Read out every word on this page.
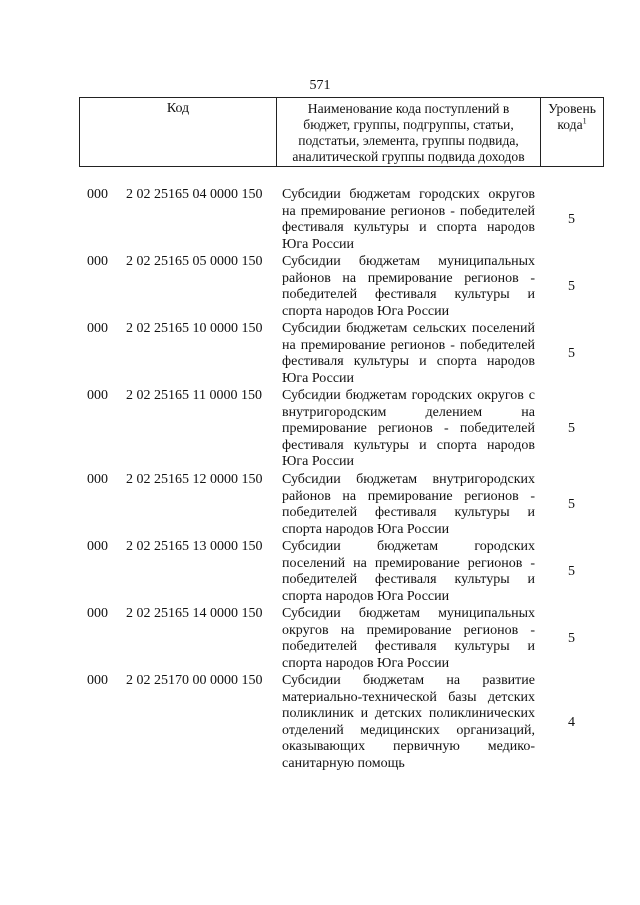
571
Код	Наименование кода поступлений в бюджет, группы, подгруппы, статьи, подстатьи, элемента, группы подвида, аналитической группы подвида доходов
Уровень кода$^1$
000 2 02 25165 04 0000 150 Субсидии бюджетам городских округов на премирование регионов - победителей фестиваля культуры и спорта народов Юга России
5
000 2 02 25165 05 0000 150 Субсидии бюджетам муниципальных районов на премирование регионов - победителей фестиваля культуры и спорта народов Юга России
5
000 2 02 25165 10 0000 150 Субсидии бюджетам сельских поселений на премирование регионов - победителей фестиваля культуры и спорта народов Юга России
5
000 2 02 25165 11 0000 150 Субсидии бюджетам городских округов с внутригородским делением на премирование регионов - победителей фестиваля культуры и спорта народов Юга России
5
000 2 02 25165 12 0000 150 Субсидии бюджетам внутригородских районов на премирование регионов - победителей фестиваля культуры и спорта народов Юга России
5
000 2 02 25165 13 0000 150 Субсидии бюджетам городских поселений на премирование регионов - победителей фестиваля культуры и спорта народов Юга России
5
000 2 02 25165 14 0000 150 Субсидии бюджетам муниципальных округов на премирование регионов - победителей фестиваля культуры и спорта народов Юга России
5
000 2 02 25170 00 0000 150 Субсидии бюджетам на развитие материально-технической базы детских поликлиник и детских поликлинических отделений медицинских организаций, оказывающих первичную медико-санитарную помощь
4
